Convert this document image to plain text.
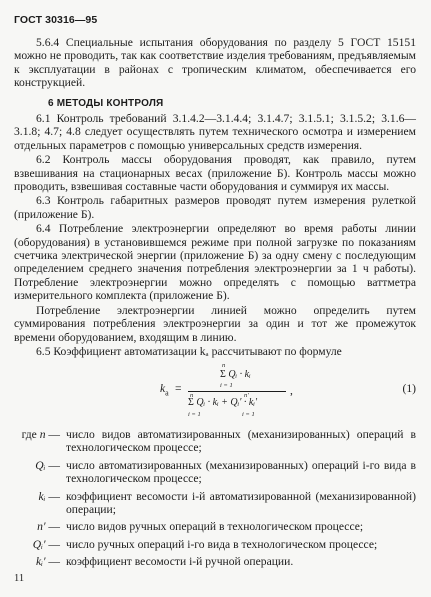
ГОСТ 30316—95

5.6.4 Специальные испытания оборудования по разделу 5 ГОСТ 15151 можно не проводить, так как соответствие изделия требованиям, предъявляемым к эксплуатации в районах с тропическим климатом, обеспечивается его конструкцией.

6 МЕТОДЫ КОНТРОЛЯ

6.1 Контроль требований 3.1.4.2—3.1.4.4; 3.1.4.7; 3.1.5.1; 3.1.5.2; 3.1.6—3.1.8; 4.7; 4.8 следует осуществлять путем технического осмотра и измерением отдельных параметров с помощью универсальных средств измерения.

6.2 Контроль массы оборудования проводят, как правило, путем взвешивания на стационарных весах (приложение Б). Контроль массы можно проводить, взвешивая составные части оборудования и суммируя их массы.

6.3 Контроль габаритных размеров проводят путем измерения рулеткой (приложение Б).

6.4 Потребление электроэнергии определяют во время работы линии (оборудования) в установившемся режиме при полной загрузке по показаниям счетчика электрической энергии (приложение Б) за одну смену с последующим определением среднего значения потребления электроэнергии за 1 ч работы). Потребление электроэнергии можно определять с помощью ваттметра измерительного комплекта (приложение Б).

Потребление электроэнергии линией можно определить путем суммирования потребления электроэнергии за один и тот же промежуток времени оборудованием, входящим в линию.

6.5 Коэффициент автоматизации kₐ рассчитывают по формуле

$k_а$ =
n
i = 1
Σ Qᵢ · kᵢ
n	n′
Σ Qᵢ · kᵢ + Qᵢ′ · kᵢ′
i = 1	i = 1
,	(1)
где n — число видов автоматизированных (механизированных) операций в технологическом процессе;
Qᵢ — число автоматизированных (механизированных) операций i-го вида в технологическом процессе;
kᵢ — коэффициент весомости i-й автоматизированной (механизированной) операции;
n′ — число видов ручных операций в технологическом процессе;
Qᵢ′ — число ручных операций i-го вида в технологическом процессе;
kᵢ′ — коэффициент весомости i-й ручной операции.
11
